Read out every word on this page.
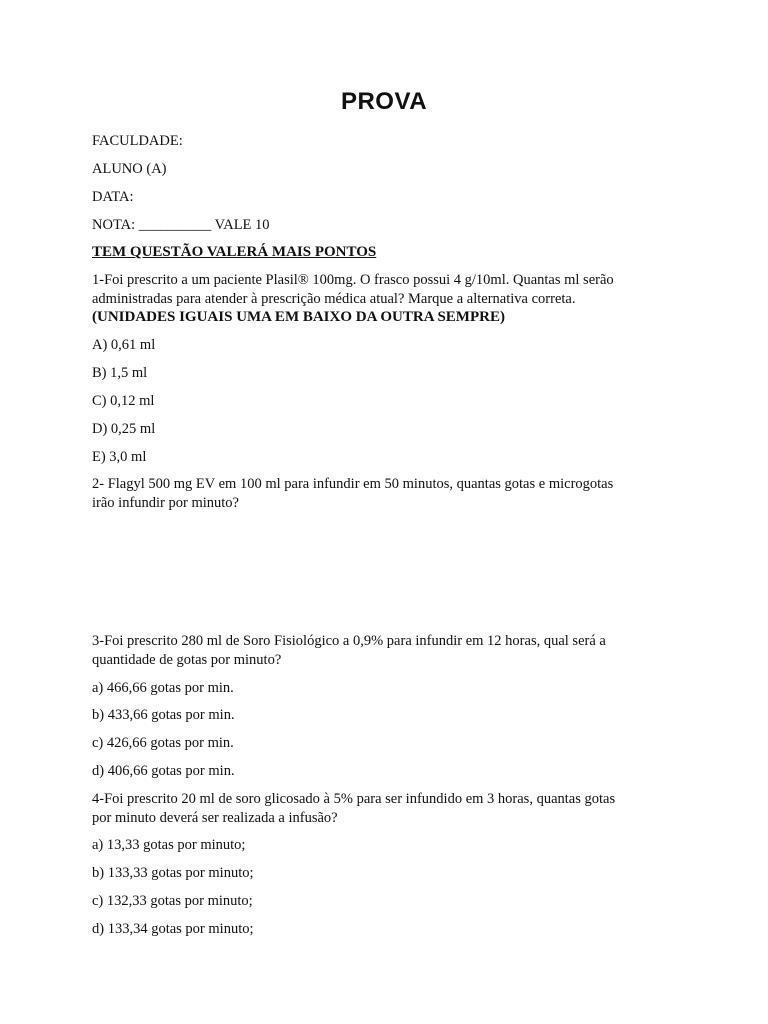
PROVA
FACULDADE:
ALUNO (A)
DATA:
NOTA: __________ VALE 10
TEM QUESTÃO VALERÁ MAIS PONTOS
1-Foi prescrito a um paciente Plasil® 100mg. O frasco possui 4 g/10ml. Quantas ml serão
administradas para atender à prescrição médica atual? Marque a alternativa correta.
(UNIDADES IGUAIS UMA EM BAIXO DA OUTRA SEMPRE)
A) 0,61 ml
B) 1,5 ml
C) 0,12 ml
D) 0,25 ml
E) 3,0 ml
2- Flagyl 500 mg EV em 100 ml para infundir em 50 minutos, quantas gotas e microgotas
irão infundir por minuto?
3-Foi prescrito 280 ml de Soro Fisiológico a 0,9% para infundir em 12 horas, qual será a
quantidade de gotas por minuto?
a) 466,66 gotas por min.
b) 433,66 gotas por min.
c) 426,66 gotas por min.
d) 406,66 gotas por min.
4-Foi prescrito 20 ml de soro glicosado à 5% para ser infundido em 3 horas, quantas gotas
por minuto deverá ser realizada a infusão?
a) 13,33 gotas por minuto;
b) 133,33 gotas por minuto;
c) 132,33 gotas por minuto;
d) 133,34 gotas por minuto;
